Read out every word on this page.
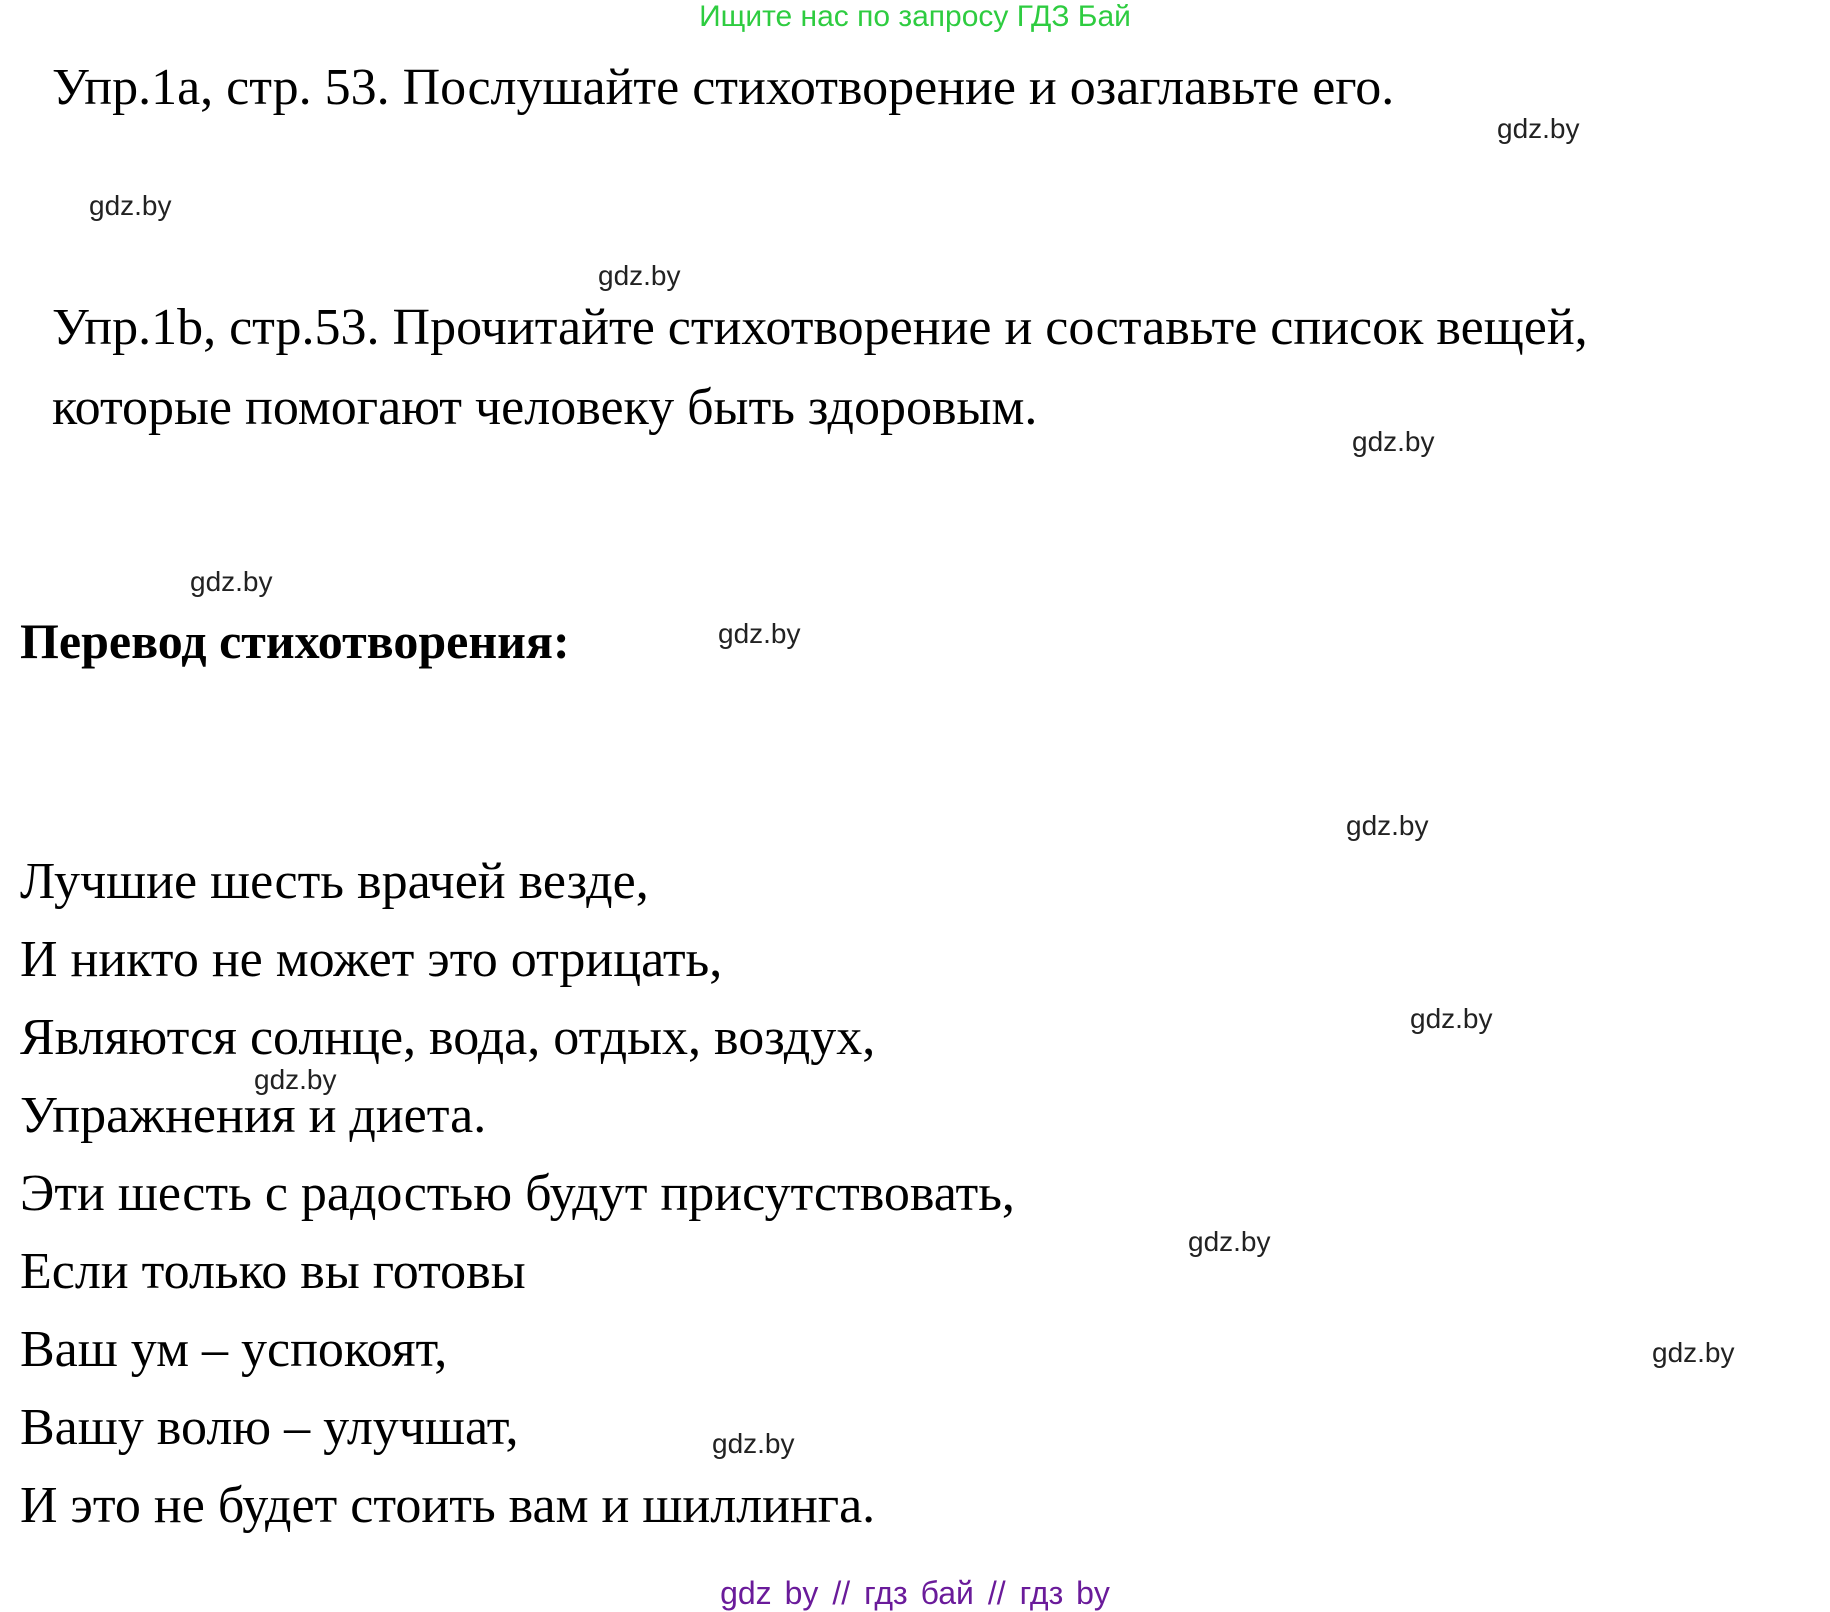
Ищите нас по запросу ГДЗ Бай
Упр.1a, стр. 53. Послушайте стихотворение и озаглавьте его.
Упр.1b, стр.53. Прочитайте стихотворение и составьте список вещей,
которые помогают человеку быть здоровым.
Перевод стихотворения:
Лучшие шесть врачей везде,
И никто не может это отрицать,
Являются солнце, вода, отдых, воздух,
Упражнения и диета.
Эти шесть с радостью будут присутствовать,
Если только вы готовы
Ваш ум – успокоят,
Вашу волю – улучшат,
И это не будет стоить вам и шиллинга.
gdz.by
gdz.by
gdz.by
gdz.by
gdz.by
gdz.by
gdz.by
gdz.by
gdz.by
gdz.by
gdz.by
gdz.by
gdz by // гдз бай // гдз by
